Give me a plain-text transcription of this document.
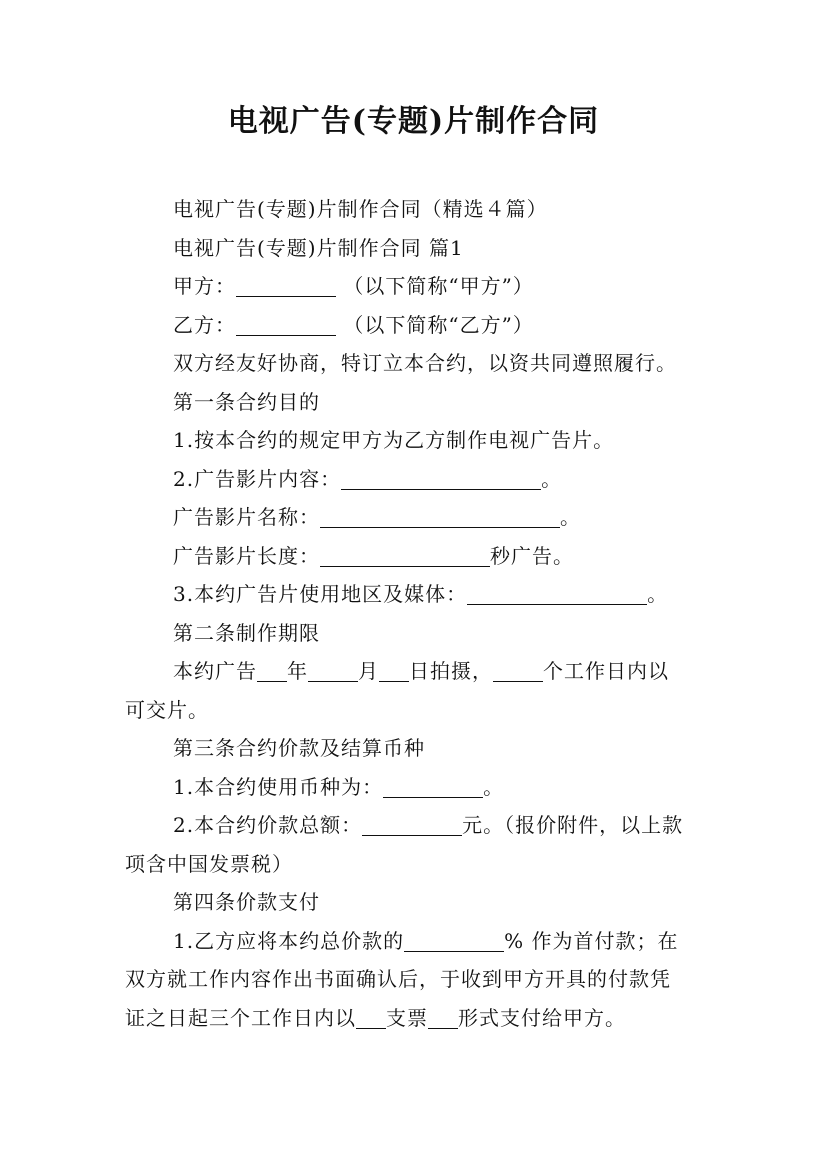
电视广告(专题)片制作合同
电视广告(专题)片制作合同（精选４篇）
电视广告(专题)片制作合同 篇1
甲方：	（以下简称“甲方”）
乙方：	（以下简称“乙方”）
双方经友好协商，特订立本合约，以资共同遵照履行。
第一条合约目的
1.按本合约的规定甲方为乙方制作电视广告片。
2.广告影片内容：	。
广告影片名称：	。
广告影片长度：	秒广告。
3.本约广告片使用地区及媒体：	。
第二条制作期限
本约广告 年	月 日拍摄，	个工作日内以
可交片。
第三条合约价款及结算币种
1.本合约使用币种为：	。
2.本合约价款总额：	元。（报价附件，以上款
项含中国发票税）
第四条价款支付
1.乙方应将本约总价款的	% 作为首付款；在
双方就工作内容作出书面确认后，于收到甲方开具的付款凭
证之日起三个工作日内以 支票 形式支付给甲方。
